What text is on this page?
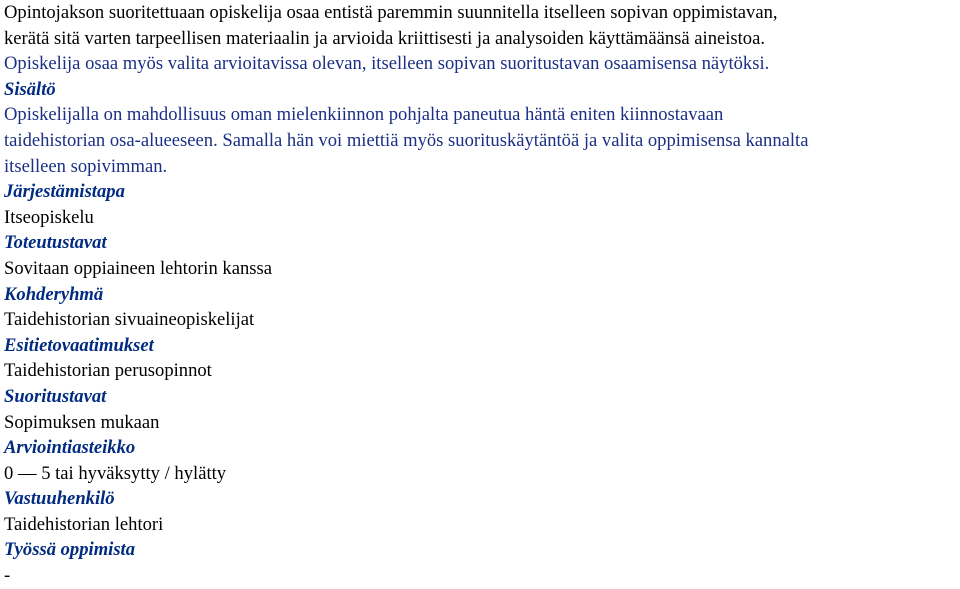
Opintojakson suoritettuaan opiskelija osaa entistä paremmin suunnitella itselleen sopivan oppimistavan,

kerätä sitä varten tarpeellisen materiaalin ja arvioida kriittisesti ja analysoiden käyttämäänsä aineistoa.

Opiskelija osaa myös valita arvioitavissa olevan, itselleen sopivan suoritustavan osaamisensa näytöksi.

Sisältö

Opiskelijalla on mahdollisuus oman mielenkiinnon pohjalta paneutua häntä eniten kiinnostavaan

taidehistorian osa-alueeseen. Samalla hän voi miettiä myös suorituskäytäntöä ja valita oppimisensa kannalta

itselleen sopivimman.

Järjestämistapa

Itseopiskelu

Toteutustavat

Sovitaan oppiaineen lehtorin kanssa

Kohderyhmä

Taidehistorian sivuaineopiskelijat

Esitietovaatimukset

Taidehistorian perusopinnot

Suoritustavat

Sopimuksen mukaan

Arviointiasteikko

0 — 5 tai hyväksytty / hylätty

Vastuuhenkilö

Taidehistorian lehtori

Työssä oppimista

-
